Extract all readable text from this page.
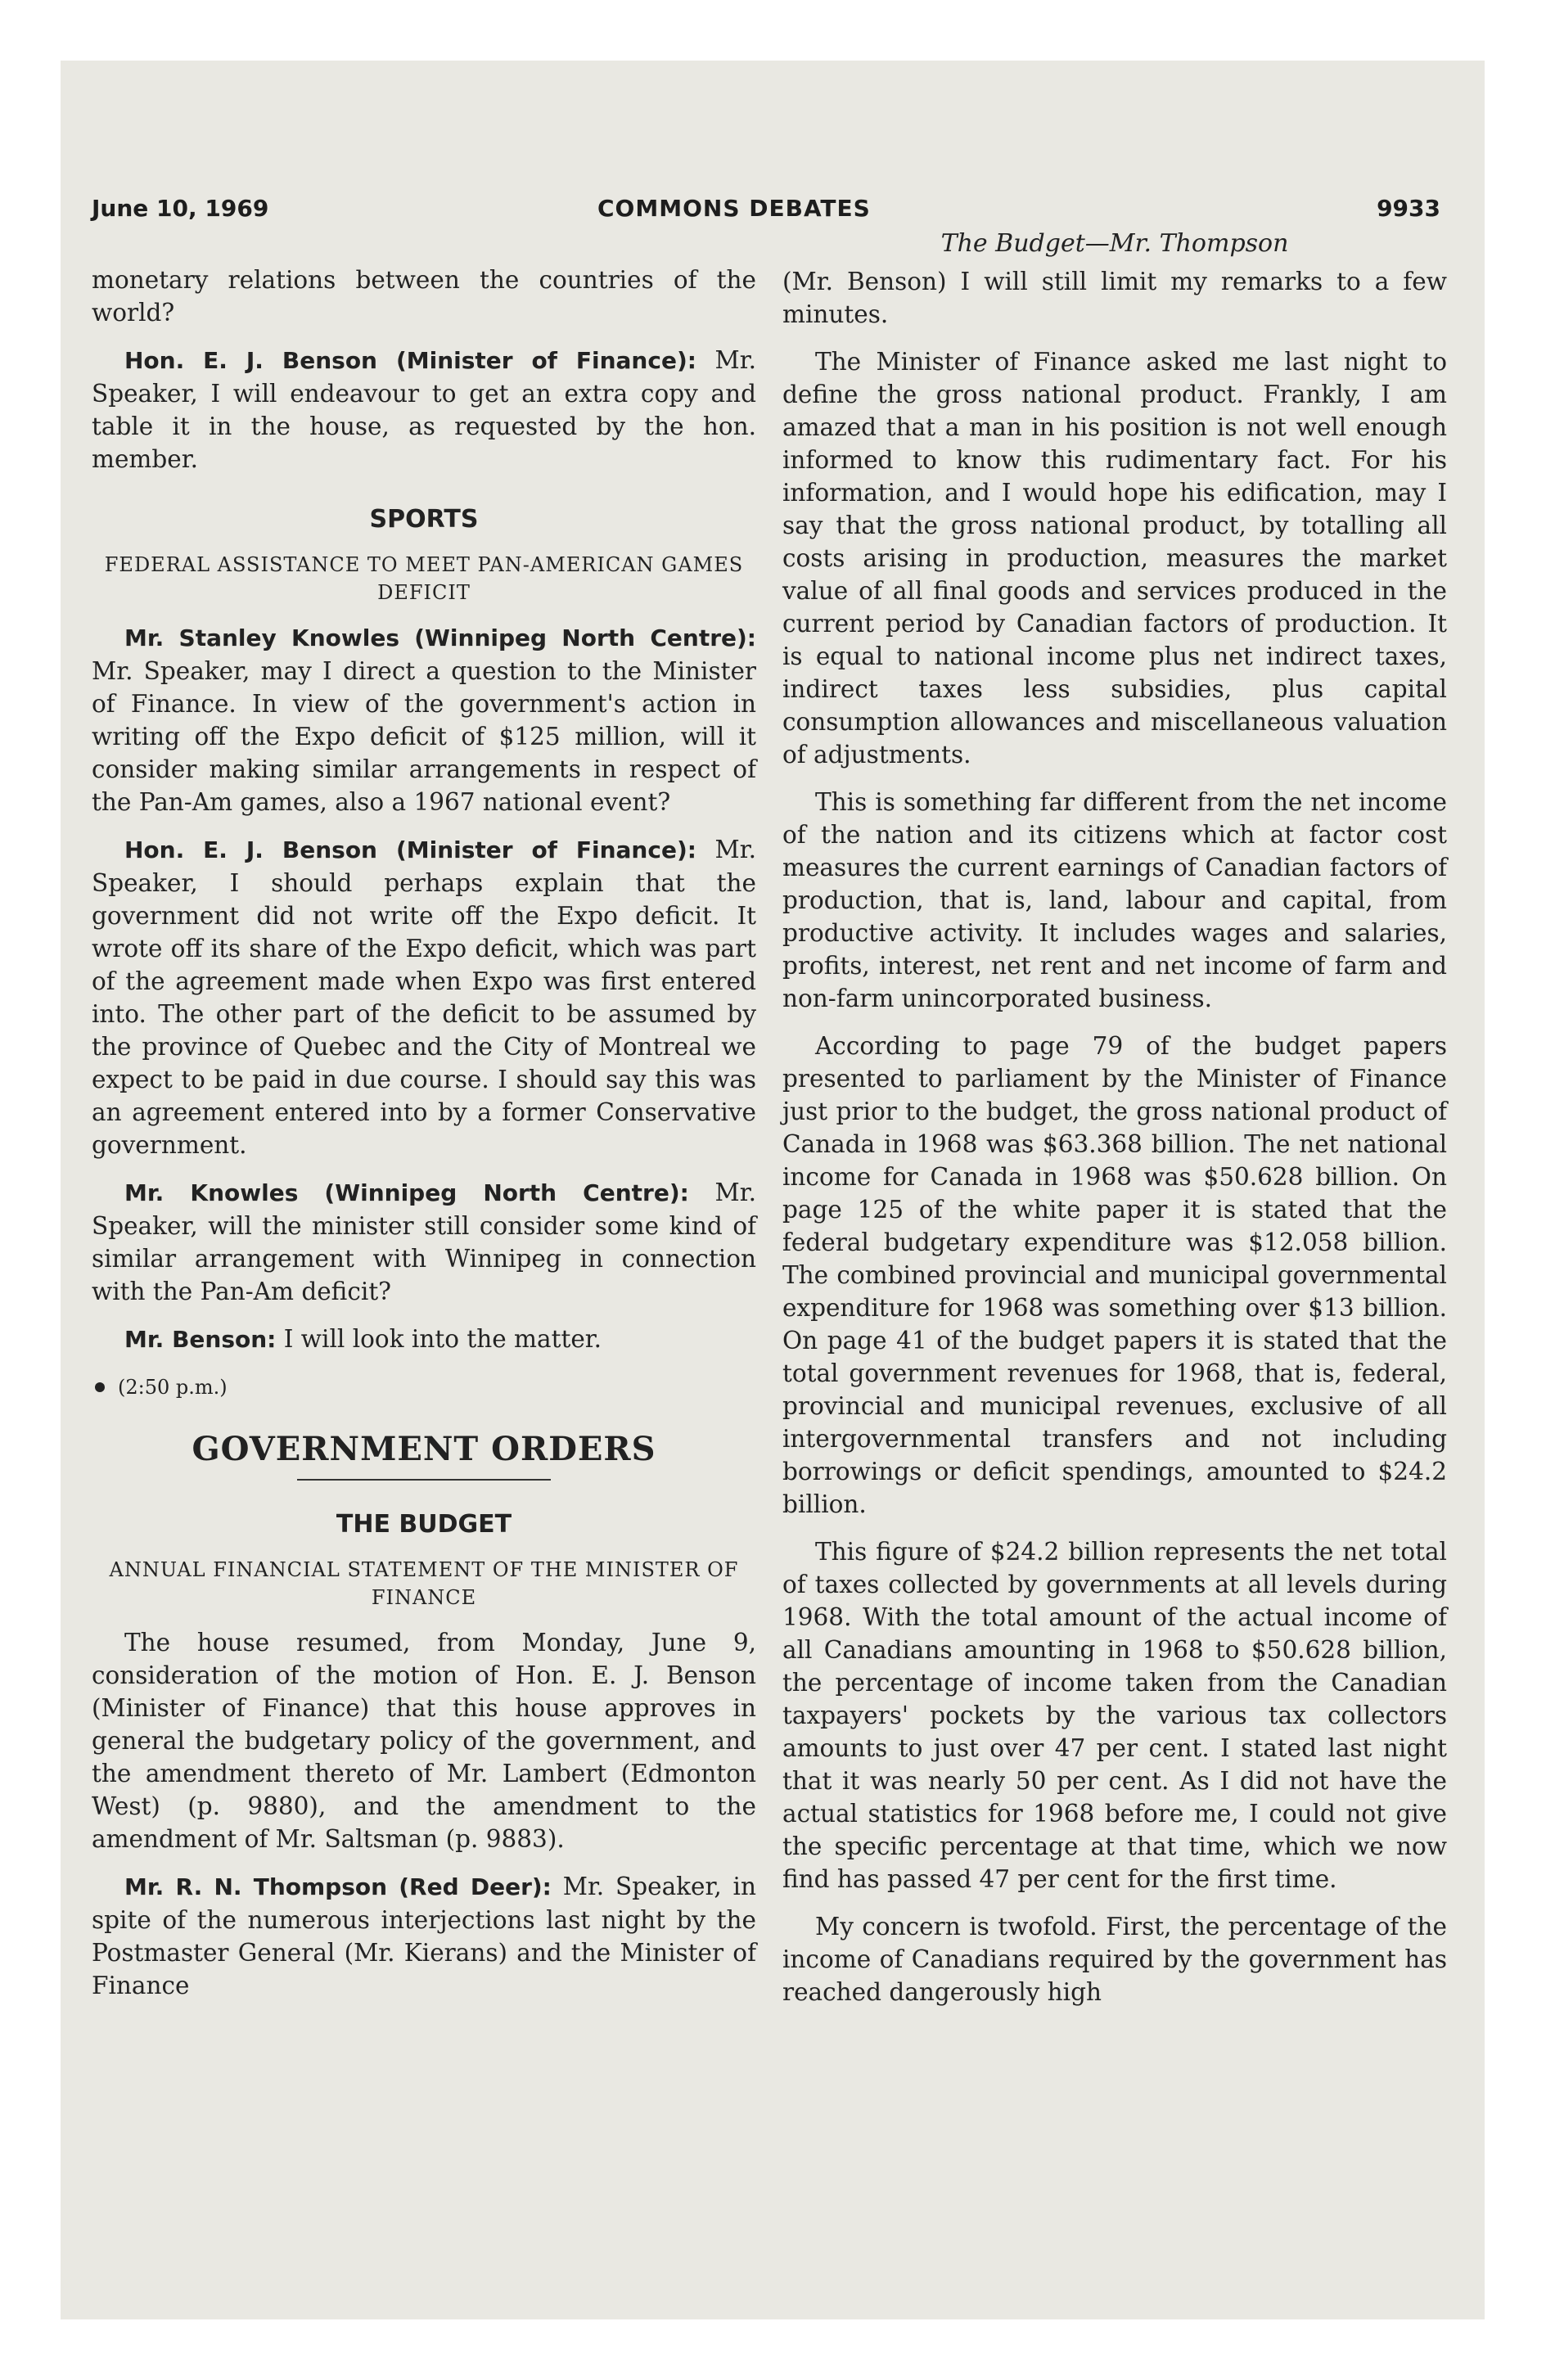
June 10, 1969	COMMONS DEBATES	9933

monetary relations between the countries of the world?

Hon. E. J. Benson (Minister of Finance): Mr. Speaker, I will endeavour to get an extra copy and table it in the house, as requested by the hon. member.

SPORTS
FEDERAL ASSISTANCE TO MEET PAN-AMERICAN GAMES DEFICIT

Mr. Stanley Knowles (Winnipeg North Centre): Mr. Speaker, may I direct a question to the Minister of Finance. In view of the government's action in writing off the Expo deficit of $125 million, will it consider making similar arrangements in respect of the Pan-Am games, also a 1967 national event?

Hon. E. J. Benson (Minister of Finance): Mr. Speaker, I should perhaps explain that the government did not write off the Expo deficit. It wrote off its share of the Expo deficit, which was part of the agreement made when Expo was first entered into. The other part of the deficit to be assumed by the province of Quebec and the City of Montreal we expect to be paid in due course. I should say this was an agreement entered into by a former Conservative government.

Mr. Knowles (Winnipeg North Centre): Mr. Speaker, will the minister still consider some kind of similar arrangement with Winnipeg in connection with the Pan-Am deficit?

Mr. Benson: I will look into the matter.

(2:50 p.m.)
GOVERNMENT ORDERS
THE BUDGET
ANNUAL FINANCIAL STATEMENT OF THE MINISTER OF FINANCE

The house resumed, from Monday, June 9, consideration of the motion of Hon. E. J. Benson (Minister of Finance) that this house approves in general the budgetary policy of the government, and the amendment thereto of Mr. Lambert (Edmonton West) (p. 9880), and the amendment to the amendment of Mr. Saltsman (p. 9883).

Mr. R. N. Thompson (Red Deer): Mr. Speaker, in spite of the numerous interjections last night by the Postmaster General (Mr. Kierans) and the Minister of Finance

The Budget—Mr. Thompson

(Mr. Benson) I will still limit my remarks to a few minutes.

The Minister of Finance asked me last night to define the gross national product. Frankly, I am amazed that a man in his position is not well enough informed to know this rudimentary fact. For his information, and I would hope his edification, may I say that the gross national product, by totalling all costs arising in production, measures the market value of all final goods and services produced in the current period by Canadian factors of production. It is equal to national income plus net indirect taxes, indirect taxes less subsidies, plus capital consumption allowances and miscellaneous valuation of adjustments.

This is something far different from the net income of the nation and its citizens which at factor cost measures the current earnings of Canadian factors of production, that is, land, labour and capital, from productive activity. It includes wages and salaries, profits, interest, net rent and net income of farm and non-farm unincorporated business.

According to page 79 of the budget papers presented to parliament by the Minister of Finance just prior to the budget, the gross national product of Canada in 1968 was $63.368 billion. The net national income for Canada in 1968 was $50.628 billion. On page 125 of the white paper it is stated that the federal budgetary expenditure was $12.058 billion. The combined provincial and municipal governmental expenditure for 1968 was something over $13 billion. On page 41 of the budget papers it is stated that the total government revenues for 1968, that is, federal, provincial and municipal revenues, exclusive of all intergovernmental transfers and not including borrowings or deficit spendings, amounted to $24.2 billion.

This figure of $24.2 billion represents the net total of taxes collected by governments at all levels during 1968. With the total amount of the actual income of all Canadians amounting in 1968 to $50.628 billion, the percentage of income taken from the Canadian taxpayers' pockets by the various tax collectors amounts to just over 47 per cent. I stated last night that it was nearly 50 per cent. As I did not have the actual statistics for 1968 before me, I could not give the specific percentage at that time, which we now find has passed 47 per cent for the first time.

My concern is twofold. First, the percentage of the income of Canadians required by the government has reached dangerously high
